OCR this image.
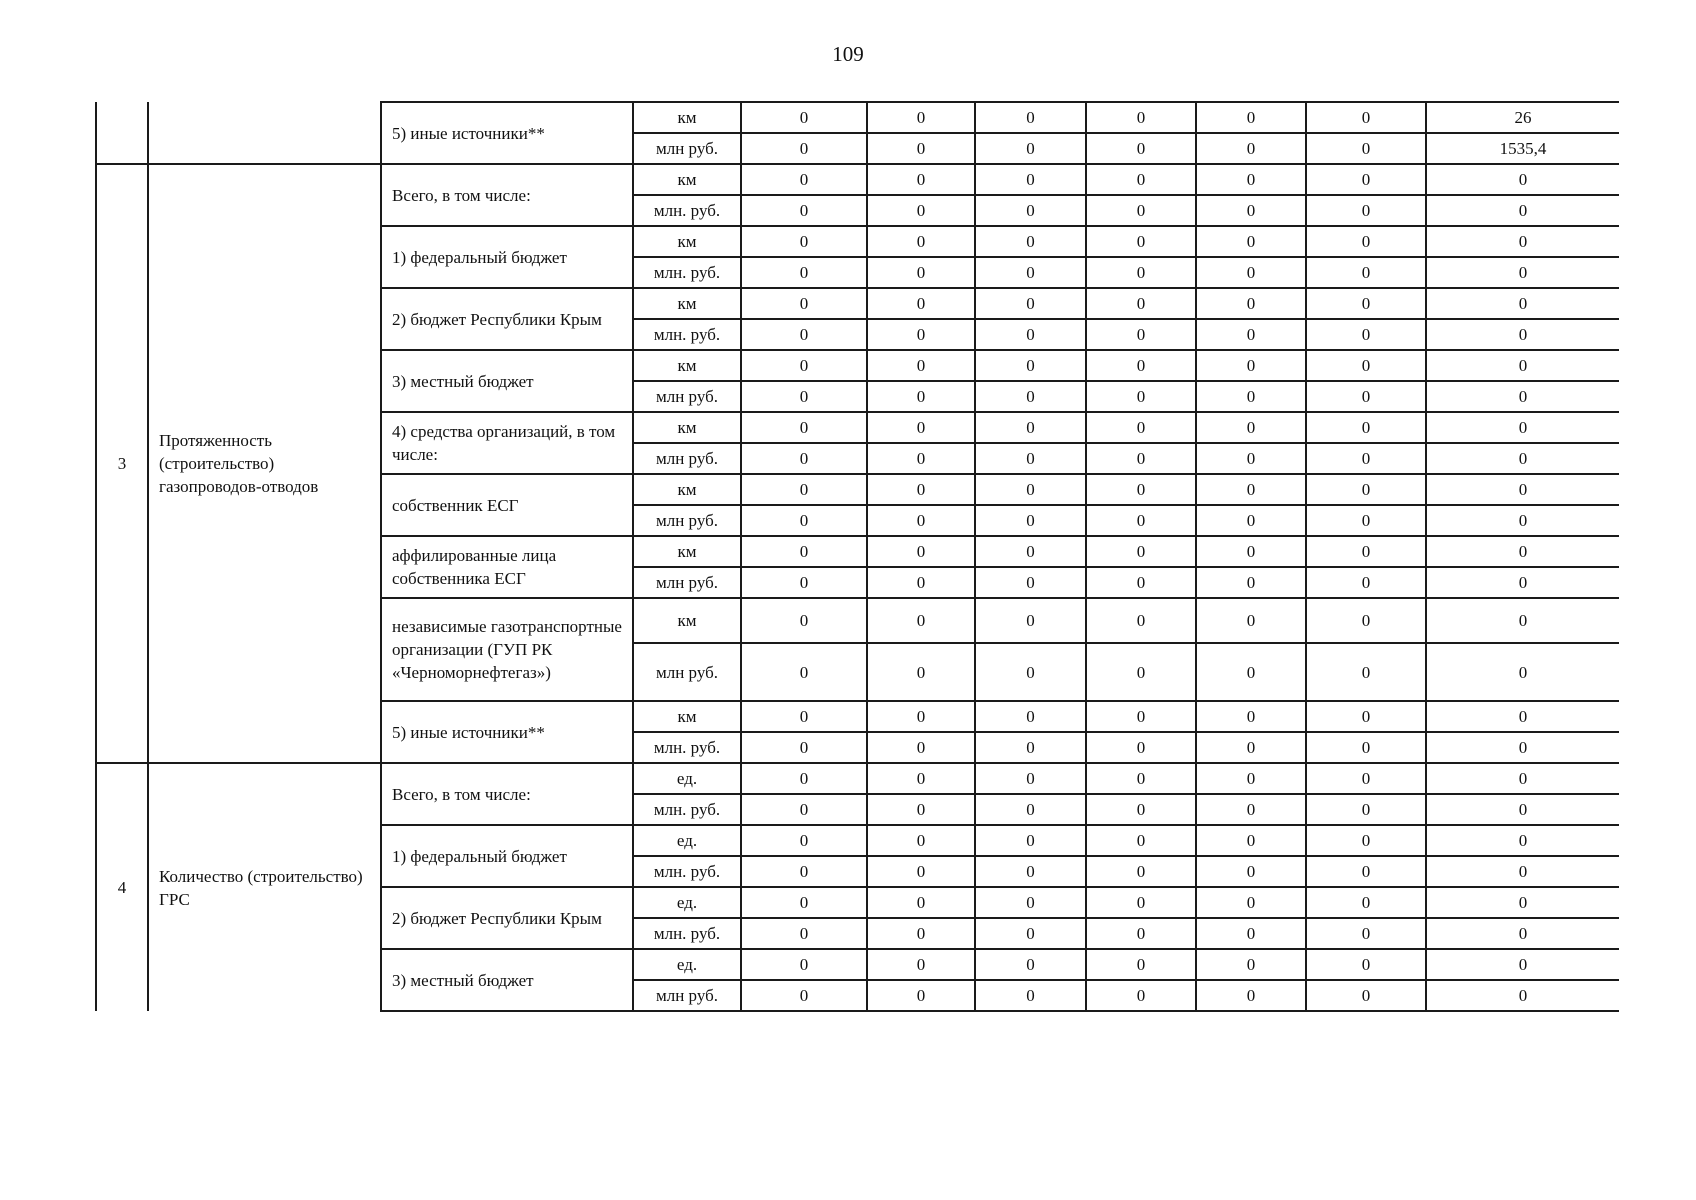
109
		5) иные источники**	км	0	0	0	0	0	0	26
			млн руб.	0	0	0	0	0	0	1535,4
3	Протяженность (строительство) газопроводов-отводов	Всего, в том числе:	км	0	0	0	0	0	0	0
			млн. руб.	0	0	0	0	0	0	0
		1) федеральный бюджет	км	0	0	0	0	0	0	0
			млн. руб.	0	0	0	0	0	0	0
		2) бюджет Республики Крым	км	0	0	0	0	0	0	0
			млн. руб.	0	0	0	0	0	0	0
		3) местный бюджет	км	0	0	0	0	0	0	0
			млн руб.	0	0	0	0	0	0	0
		4) средства организаций, в том числе:	км	0	0	0	0	0	0	0
			млн руб.	0	0	0	0	0	0	0
		собственник ЕСГ	км	0	0	0	0	0	0	0
			млн руб.	0	0	0	0	0	0	0
		аффилированные лица собственника ЕСГ	км	0	0	0	0	0	0	0
			млн руб.	0	0	0	0	0	0	0
		независимые газотранспортные организации (ГУП РК «Черноморнефтегаз»)	км	0	0	0	0	0	0	0
			млн руб.	0	0	0	0	0	0	0
		5) иные источники**	км	0	0	0	0	0	0	0
			млн. руб.	0	0	0	0	0	0	0
4	Количество (строительство) ГРС	Всего, в том числе:	ед.	0	0	0	0	0	0	0
			млн. руб.	0	0	0	0	0	0	0
		1) федеральный бюджет	ед.	0	0	0	0	0	0	0
			млн. руб.	0	0	0	0	0	0	0
		2) бюджет Республики Крым	ед.	0	0	0	0	0	0	0
			млн. руб.	0	0	0	0	0	0	0
		3) местный бюджет	ед.	0	0	0	0	0	0	0
			млн руб.	0	0	0	0	0	0	0
